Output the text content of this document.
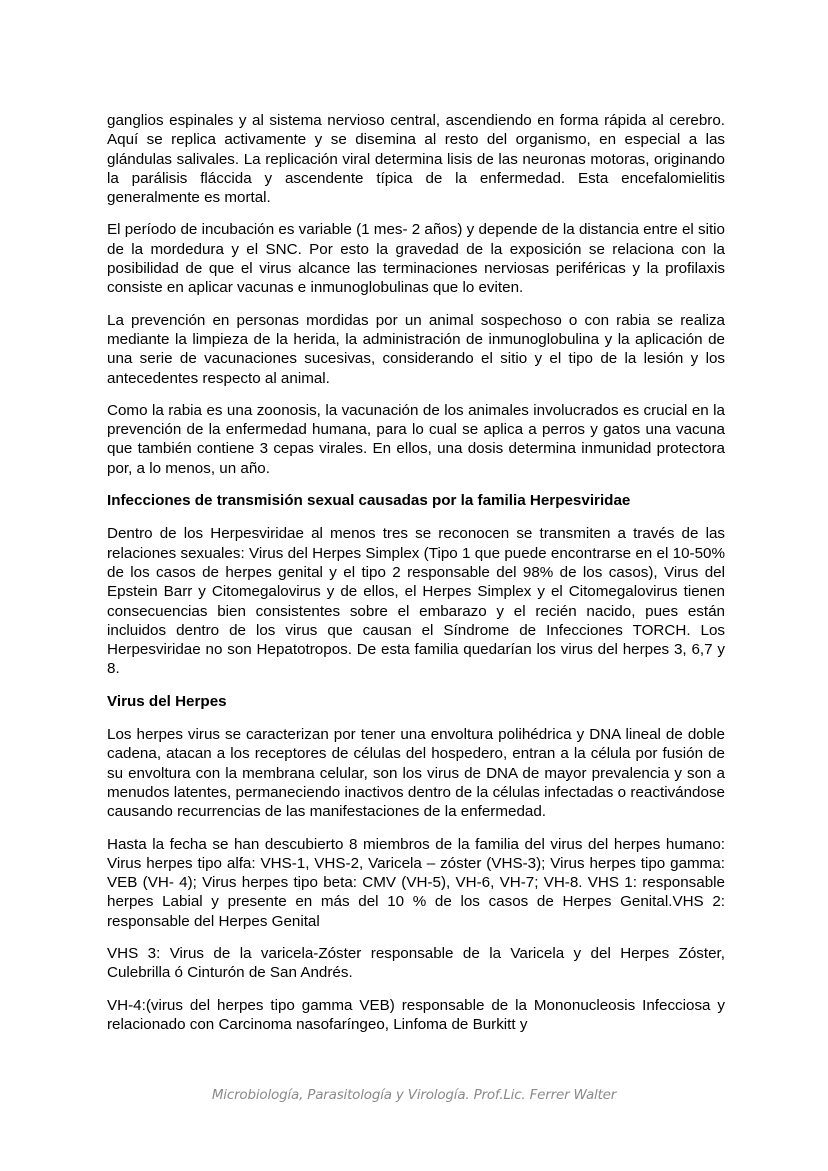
ganglios espinales y al sistema nervioso central, ascendiendo en forma rápida al cerebro. Aquí se replica activamente y se disemina al resto del organismo, en especial a las glándulas salivales. La replicación viral determina lisis de las neuronas motoras, originando la parálisis fláccida y ascendente típica de la enfermedad. Esta encefalomielitis generalmente es mortal.

El período de incubación es variable (1 mes- 2 años) y depende de la distancia entre el sitio de la mordedura y el SNC. Por esto la gravedad de la exposición se relaciona con la posibilidad de que el virus alcance las terminaciones nerviosas periféricas y la profilaxis consiste en aplicar vacunas e inmunoglobulinas que lo eviten.

La prevención en personas mordidas por un animal sospechoso o con rabia se realiza mediante la limpieza de la herida, la administración de inmunoglobulina y la aplicación de una serie de vacunaciones sucesivas, considerando el sitio y el tipo de la lesión y los antecedentes respecto al animal.

Como la rabia es una zoonosis, la vacunación de los animales involucrados es crucial en la prevención de la enfermedad humana, para lo cual se aplica a perros y gatos una vacuna que también contiene 3 cepas virales. En ellos, una dosis determina inmunidad protectora por, a lo menos, un año.

Infecciones de transmisión sexual causadas por la familia Herpesviridae

Dentro de los Herpesviridae al menos tres se reconocen se transmiten a través de las relaciones sexuales: Virus del Herpes Simplex (Tipo 1 que puede encontrarse en el 10-50% de los casos de herpes genital y el tipo 2 responsable del 98% de los casos), Virus del Epstein Barr y Citomegalovirus y de ellos, el Herpes Simplex y el Citomegalovirus tienen consecuencias bien consistentes sobre el embarazo y el recién nacido, pues están incluidos dentro de los virus que causan el Síndrome de Infecciones TORCH. Los Herpesviridae no son Hepatotropos. De esta familia quedarían los virus del herpes 3, 6,7 y 8.

Virus del Herpes

Los herpes virus se caracterizan por tener una envoltura polihédrica y DNA lineal de doble cadena, atacan a los receptores de células del hospedero, entran a la célula por fusión de su envoltura con la membrana celular, son los virus de DNA de mayor prevalencia y son a menudos latentes, permaneciendo inactivos dentro de la células infectadas o reactivándose causando recurrencias de las manifestaciones de la enfermedad.

Hasta la fecha se han descubierto 8 miembros de la familia del virus del herpes humano: Virus herpes tipo alfa: VHS-1, VHS-2, Varicela – zóster (VHS-3); Virus herpes tipo gamma: VEB (VH- 4); Virus herpes tipo beta: CMV (VH-5), VH-6, VH-7; VH-8. VHS 1: responsable herpes Labial y presente en más del 10 % de los casos de Herpes Genital.VHS 2: responsable del Herpes Genital

VHS 3: Virus de la varicela-Zóster responsable de la Varicela y del Herpes Zóster, Culebrilla ó Cinturón de San Andrés.

VH-4:(virus del herpes tipo gamma VEB) responsable de la Mononucleosis Infecciosa y relacionado con Carcinoma nasofaríngeo, Linfoma de Burkitt y

Microbiología, Parasitología y Virología. Prof.Lic. Ferrer Walter
